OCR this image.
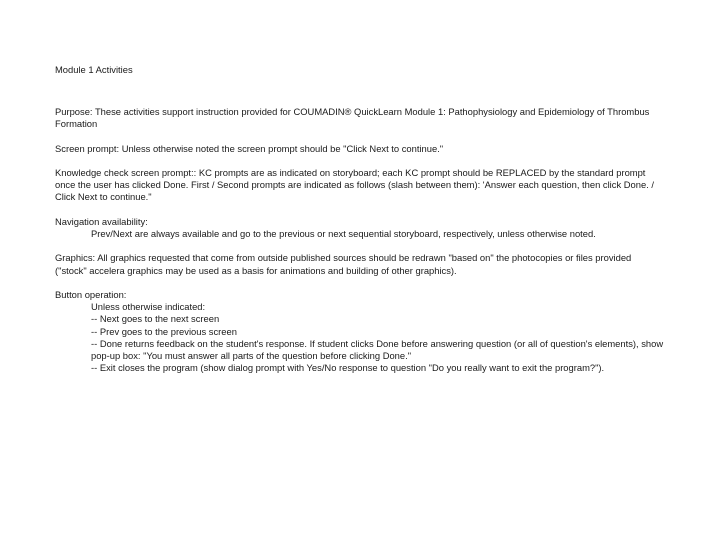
Module 1 Activities

Purpose: These activities support instruction provided for COUMADIN® QuickLearn Module 1: Pathophysiology and Epidemiology of Thrombus Formation

Screen prompt: Unless otherwise noted the screen prompt should be "Click Next to continue."

Knowledge check screen prompt:: KC prompts are as indicated on storyboard; each KC prompt should be REPLACED by the standard prompt once the user has clicked Done. First / Second prompts are indicated as follows (slash between them): 'Answer each question, then click Done. / Click Next to continue."

Navigation availability:

Prev/Next are always available and go to the previous or next sequential storyboard, respectively, unless otherwise noted.

Graphics: All graphics requested that come from outside published sources should be redrawn "based on" the photocopies or files provided ("stock" accelera graphics may be used as a basis for animations and building of other graphics).

Button operation:

Unless otherwise indicated:
-- Next goes to the next screen
-- Prev goes to the previous screen
-- Done returns feedback on the student's response. If student clicks Done before answering question (or all of question's elements), show pop-up box: "You must answer all parts of the question before clicking Done."
-- Exit closes the program (show dialog prompt with Yes/No response to question "Do you really want to exit the program?").
